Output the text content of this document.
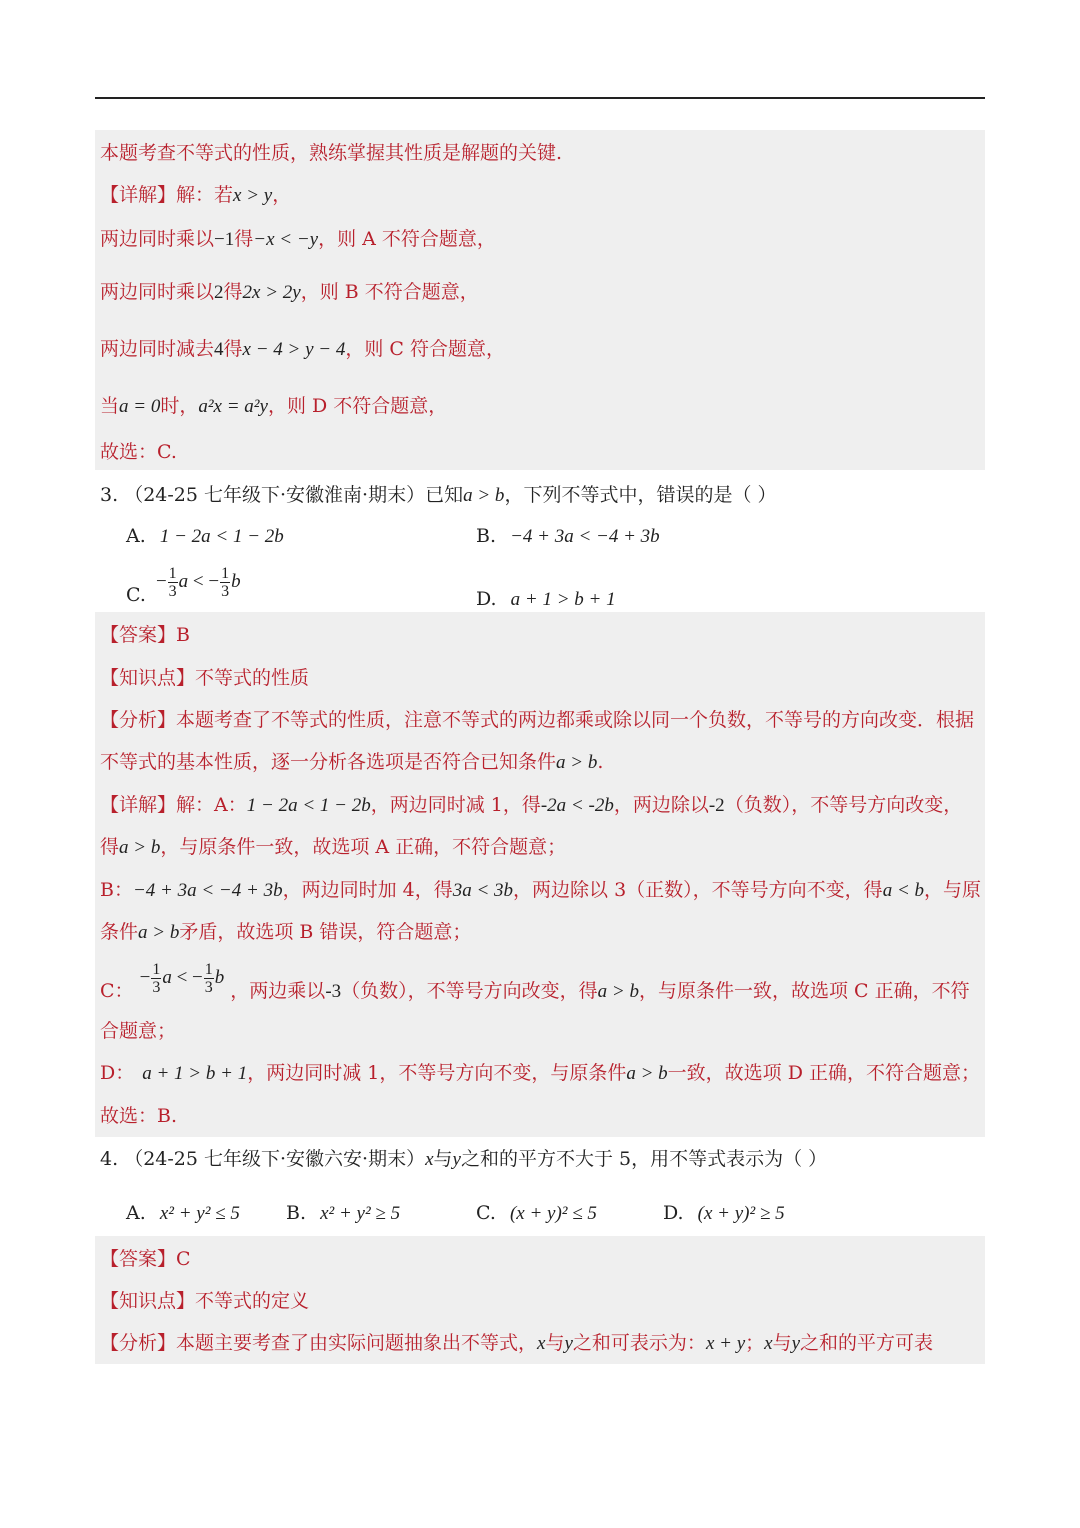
本题考查不等式的性质，熟练掌握其性质是解题的关键.
【详解】解：若x > y，
两边同时乘以−1得−x < −y，则 A 不符合题意，
两边同时乘以2得2x > 2y，则 B 不符合题意，
两边同时减去4得x − 4 > y − 4，则 C 符合题意，
当a = 0时，a²x = a²y，则 D 不符合题意，
故选：C.
3. （24-25 七年级下·安徽淮南·期末）已知a > b，下列不等式中，错误的是（ ）
A. 1 − 2a < 1 − 2b	B. −4 + 3a < −4 + 3b
C. − $\frac{1}{3}$ a < − $\frac{1}{3}$ b
D. a + 1 > b + 1
【答案】B
【知识点】不等式的性质
【分析】本题考查了不等式的性质，注意不等式的两边都乘或除以同一个负数，不等号的方向改变．根据
不等式的基本性质，逐一分析各选项是否符合已知条件a > b.
【详解】解：A：1 − 2a < 1 − 2b，两边同时减 1，得-2a < -2b，两边除以-2（负数），不等号方向改变，
得a > b，与原条件一致，故选项 A 正确，不符合题意；
B：−4 + 3a < −4 + 3b，两边同时加 4，得3a < 3b，两边除以 3（正数），不等号方向不变，得a < b，与原
条件a > b矛盾，故选项 B 错误，符合题意；
C： − $\frac{1}{3}$ a < − $\frac{1}{3}$ b ，两边乘以-3（负数），不等号方向改变，得a > b，与原条件一致，故选项 C 正确，不符
合题意；
D： a + 1 > b + 1，两边同时减 1，不等号方向不变，与原条件a > b一致，故选项 D 正确，不符合题意；
故选：B.
4. （24-25 七年级下·安徽六安·期末）x与y之和的平方不大于 5，用不等式表示为（ ）
A. x² + y² ≤ 5 B. x² + y² ≥ 5	C. (x + y)² ≤ 5	D. (x + y)² ≥ 5
【答案】C
【知识点】不等式的定义
【分析】本题主要考查了由实际问题抽象出不等式，x与y之和可表示为：x + y；x与y之和的平方可表
